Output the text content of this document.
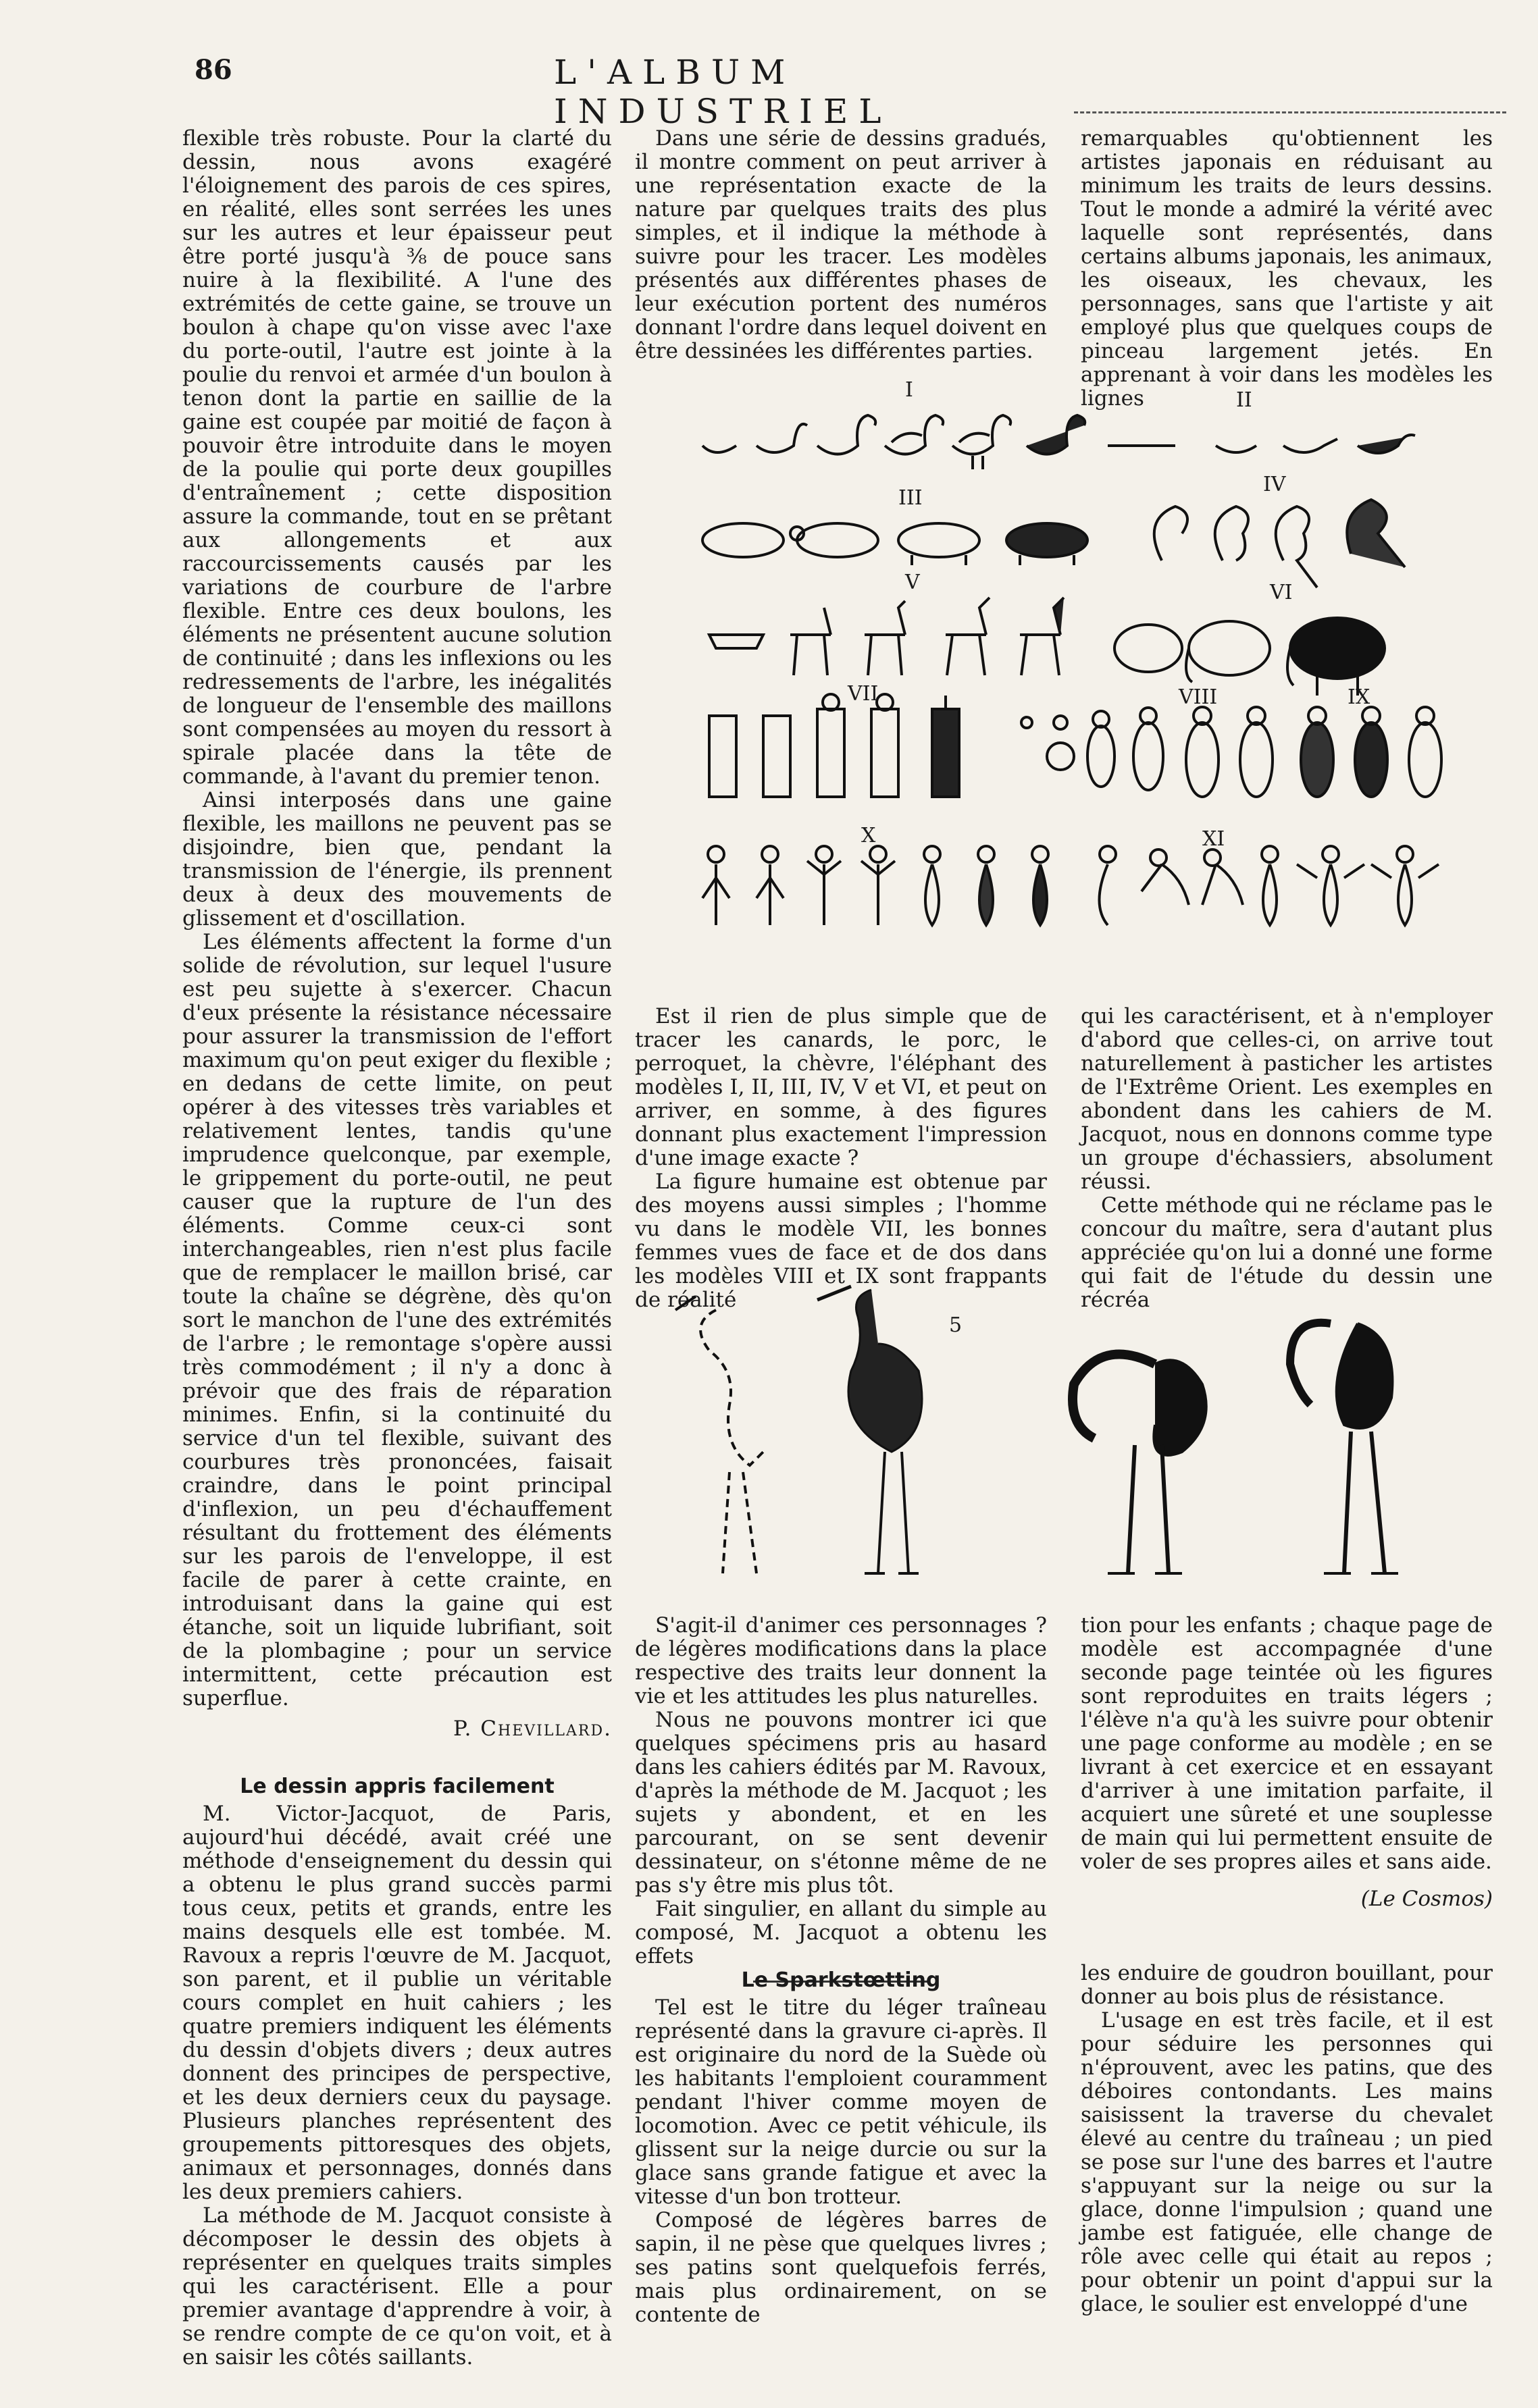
86	L'ALBUM INDUSTRIEL

flexible très robuste. Pour la clarté du dessin, nous avons exagéré l'éloignement des parois de ces spires, en réalité, elles sont serrées les unes sur les autres et leur épaisseur peut être porté jusqu'à ⅜ de pouce sans nuire à la flexibilité. A l'une des extrémités de cette gaine, se trouve un boulon à chape qu'on visse avec l'axe du porte-outil, l'autre est jointe à la poulie du renvoi et armée d'un boulon à tenon dont la partie en saillie de la gaine est coupée par moitié de façon à pouvoir être introduite dans le moyen de la poulie qui porte deux goupilles d'entraînement ; cette disposition assure la commande, tout en se prêtant aux allongements et aux raccourcissements causés par les variations de courbure de l'arbre flexible. Entre ces deux boulons, les éléments ne présentent aucune solution de continuité ; dans les inflexions ou les redressements de l'arbre, les inégalités de longueur de l'ensemble des maillons sont compensées au moyen du ressort à spirale placée dans la tête de commande, à l'avant du premier tenon.

Ainsi interposés dans une gaine flexible, les maillons ne peuvent pas se disjoindre, bien que, pendant la transmission de l'énergie, ils prennent deux à deux des mouvements de glissement et d'oscillation.

Les éléments affectent la forme d'un solide de révolution, sur lequel l'usure est peu sujette à s'exercer. Chacun d'eux présente la résistance nécessaire pour assurer la transmission de l'effort maximum qu'on peut exiger du flexible ; en dedans de cette limite, on peut opérer à des vitesses très variables et relativement lentes, tandis qu'une imprudence quelconque, par exemple, le grippement du porte-outil, ne peut causer que la rupture de l'un des éléments. Comme ceux-ci sont interchangeables, rien n'est plus facile que de remplacer le maillon brisé, car toute la chaîne se dégrène, dès qu'on sort le manchon de l'une des extrémités de l'arbre ; le remontage s'opère aussi très commodément ; il n'y a donc à prévoir que des frais de réparation minimes. Enfin, si la continuité du service d'un tel flexible, suivant des courbures très prononcées, faisait craindre, dans le point principal d'inflexion, un peu d'échauffement résultant du frottement des éléments sur les parois de l'enveloppe, il est facile de parer à cette crainte, en introduisant dans la gaine qui est étanche, soit un liquide lubrifiant, soit de la plombagine ; pour un service intermittent, cette précaution est superflue.

P. Chevillard.
Le dessin appris facilement

M. Victor-Jacquot, de Paris, aujourd'hui décédé, avait créé une méthode d'enseignement du dessin qui a obtenu le plus grand succès parmi tous ceux, petits et grands, entre les mains desquels elle est tombée. M. Ravoux a repris l'œuvre de M. Jacquot, son parent, et il publie un véritable cours complet en huit cahiers ; les quatre premiers indiquent les éléments du dessin d'objets divers ; deux autres donnent des principes de perspective, et les deux derniers ceux du paysage. Plusieurs planches représentent des groupements pittoresques des objets, animaux et personnages, donnés dans les deux premiers cahiers.

La méthode de M. Jacquot consiste à décomposer le dessin des objets à représenter en quelques traits simples qui les caractérisent. Elle a pour premier avantage d'apprendre à voir, à se rendre compte de ce qu'on voit, et à en saisir les côtés saillants.

Dans une série de dessins gradués, il montre comment on peut arriver à une représentation exacte de la nature par quelques traits des plus simples, et il indique la méthode à suivre pour les tracer. Les modèles présentés aux différentes phases de leur exécution portent des numéros donnant l'ordre dans lequel doivent en être dessinées les différentes parties.

remarquables qu'obtiennent les artistes japonais en réduisant au minimum les traits de leurs dessins. Tout le monde a admiré la vérité avec laquelle sont représentés, dans certains albums japonais, les animaux, les oiseaux, les chevaux, les personnages, sans que l'artiste y ait employé plus que quelques coups de pinceau largement jetés. En apprenant à voir dans les modèles les lignes

I	II
III
IV
V	VI
VII	VIII	IX
X	XI

Est il rien de plus simple que de tracer les canards, le porc, le perroquet, la chèvre, l'éléphant des modèles I, II, III, IV, V et VI, et peut on arriver, en somme, à des figures donnant plus exactement l'impression d'une image exacte ?

La figure humaine est obtenue par des moyens aussi simples ; l'homme vu dans le modèle VII, les bonnes femmes vues de face et de dos dans les modèles VIII et IX sont frappants de réalité

qui les caractérisent, et à n'employer d'abord que celles-ci, on arrive tout naturellement à pasticher les artistes de l'Extrême Orient. Les exemples en abondent dans les cahiers de M. Jacquot, nous en donnons comme type un groupe d'échassiers, absolument réussi.

Cette méthode qui ne réclame pas le concour du maître, sera d'autant plus appréciée qu'on lui a donné une forme qui fait de l'étude du dessin une récréa

5

S'agit-il d'animer ces personnages ? de légères modifications dans la place respective des traits leur donnent la vie et les attitudes les plus naturelles.

Nous ne pouvons montrer ici que quelques spécimens pris au hasard dans les cahiers édités par M. Ravoux, d'après la méthode de M. Jacquot ; les sujets y abondent, et en les parcourant, on se sent devenir dessinateur, on s'étonne même de ne pas s'y être mis plus tôt.

Fait singulier, en allant du simple au composé, M. Jacquot a obtenu les effets

tion pour les enfants ; chaque page de modèle est accompagnée d'une seconde page teintée où les figures sont reproduites en traits légers ; l'élève n'a qu'à les suivre pour obtenir une page conforme au modèle ; en se livrant à cet exercice et en essayant d'arriver à une imitation parfaite, il acquiert une sûreté et une souplesse de main qui lui permettent ensuite de voler de ses propres ailes et sans aide.

(Le Cosmos)
Le Sparkstœtting

Tel est le titre du léger traîneau représenté dans la gravure ci-après. Il est originaire du nord de la Suède où les habitants l'emploient couramment pendant l'hiver comme moyen de locomotion. Avec ce petit véhicule, ils glissent sur la neige durcie ou sur la glace sans grande fatigue et avec la vitesse d'un bon trotteur.

Composé de légères barres de sapin, il ne pèse que quelques livres ; ses patins sont quelquefois ferrés, mais plus ordinairement, on se contente de

les enduire de goudron bouillant, pour donner au bois plus de résistance.

L'usage en est très facile, et il est pour séduire les personnes qui n'éprouvent, avec les patins, que des déboires contondants. Les mains saisissent la traverse du chevalet élevé au centre du traîneau ; un pied se pose sur l'une des barres et l'autre s'appuyant sur la neige ou sur la glace, donne l'impulsion ; quand une jambe est fatiguée, elle change de rôle avec celle qui était au repos ; pour obtenir un point d'appui sur la glace, le soulier est enveloppé d'une
